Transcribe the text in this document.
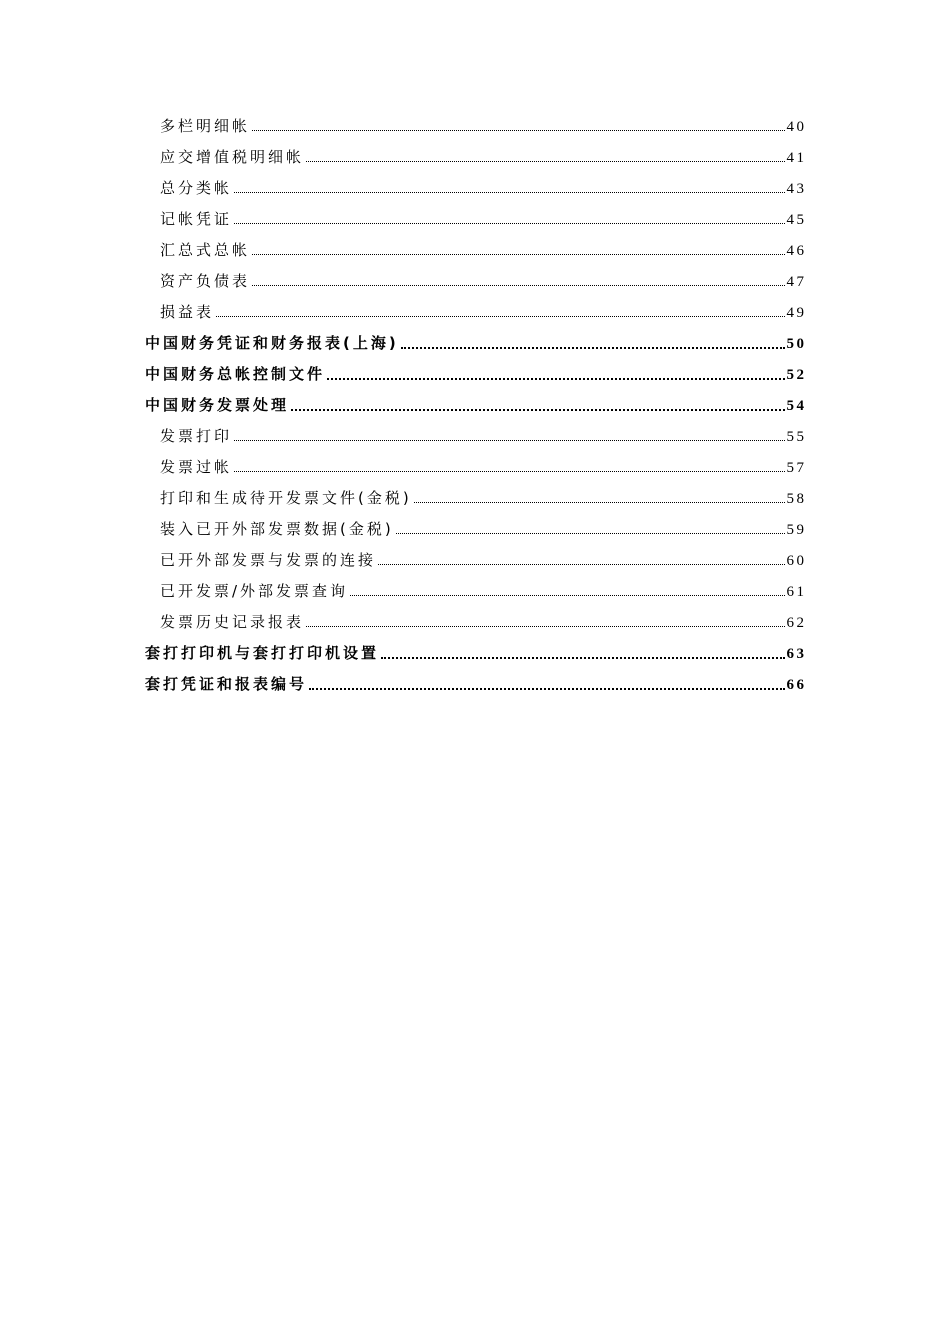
多栏明细帐	40
应交增值税明细帐	41
总分类帐	43
记帐凭证	45
汇总式总帐	46
资产负债表	47
损益表	49
中国财务凭证和财务报表(上海)	50
中国财务总帐控制文件	52
中国财务发票处理	54
发票打印	55
发票过帐	57
打印和生成待开发票文件(金税)	58
装入已开外部发票数据(金税)	59
已开外部发票与发票的连接	60
已开发票/外部发票查询	61
发票历史记录报表	62
套打打印机与套打打印机设置	63
套打凭证和报表编号	66
